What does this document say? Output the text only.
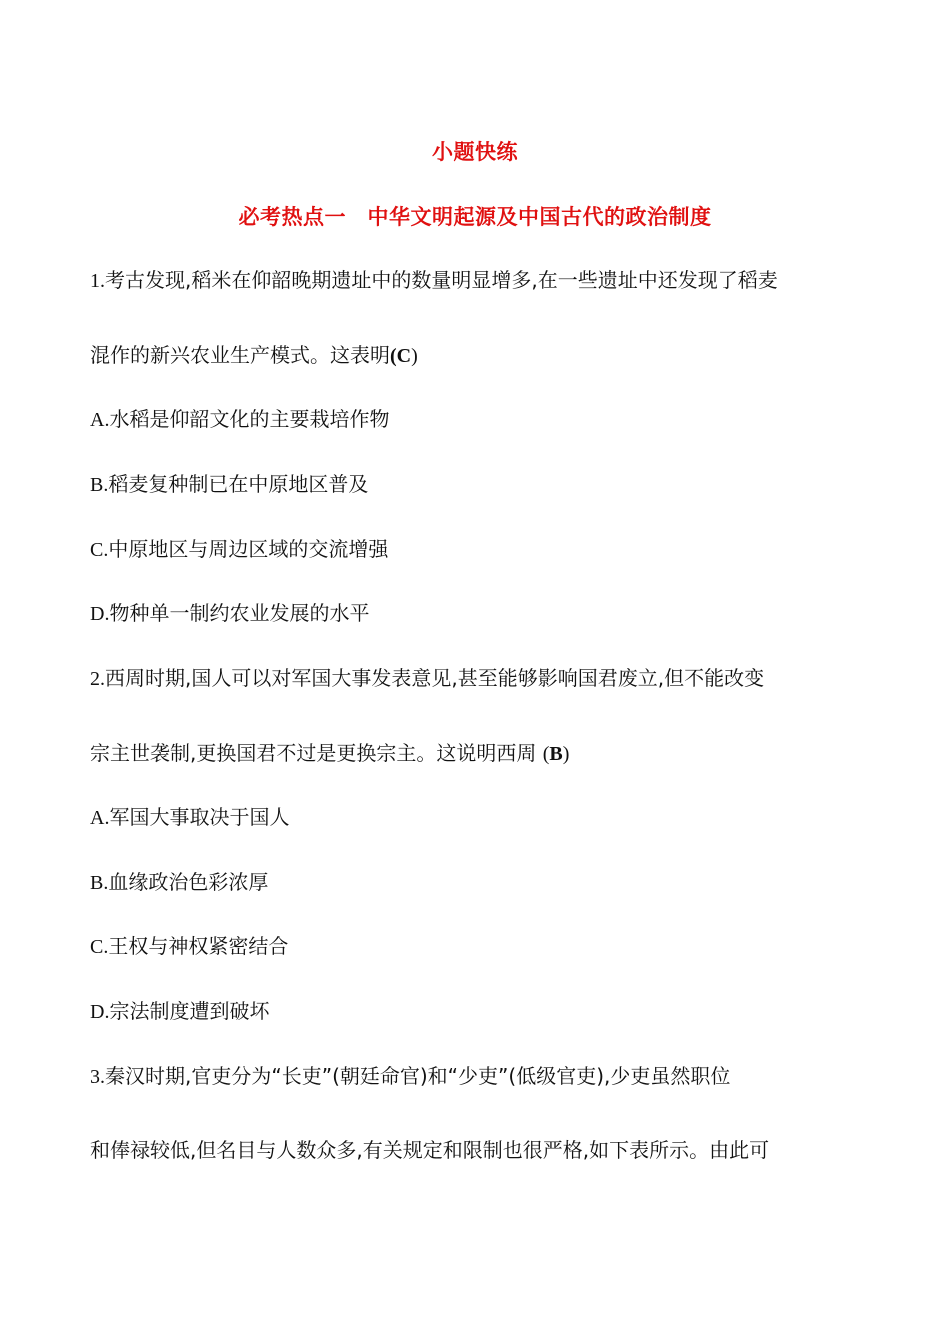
小题快练
必考热点一　中华文明起源及中国古代的政治制度
1.考古发现,稻米在仰韶晚期遗址中的数量明显增多,在一些遗址中还发现了稻麦
混作的新兴农业生产模式。这表明(C)
A.水稻是仰韶文化的主要栽培作物
B.稻麦复种制已在中原地区普及
C.中原地区与周边区域的交流增强
D.物种单一制约农业发展的水平
2.西周时期,国人可以对军国大事发表意见,甚至能够影响国君废立,但不能改变
宗主世袭制,更换国君不过是更换宗主。这说明西周 (B)
A.军国大事取决于国人
B.血缘政治色彩浓厚
C.王权与神权紧密结合
D.宗法制度遭到破坏
3.秦汉时期,官吏分为“长吏”(朝廷命官)和“少吏”(低级官吏),少吏虽然职位
和俸禄较低,但名目与人数众多,有关规定和限制也很严格,如下表所示。由此可
